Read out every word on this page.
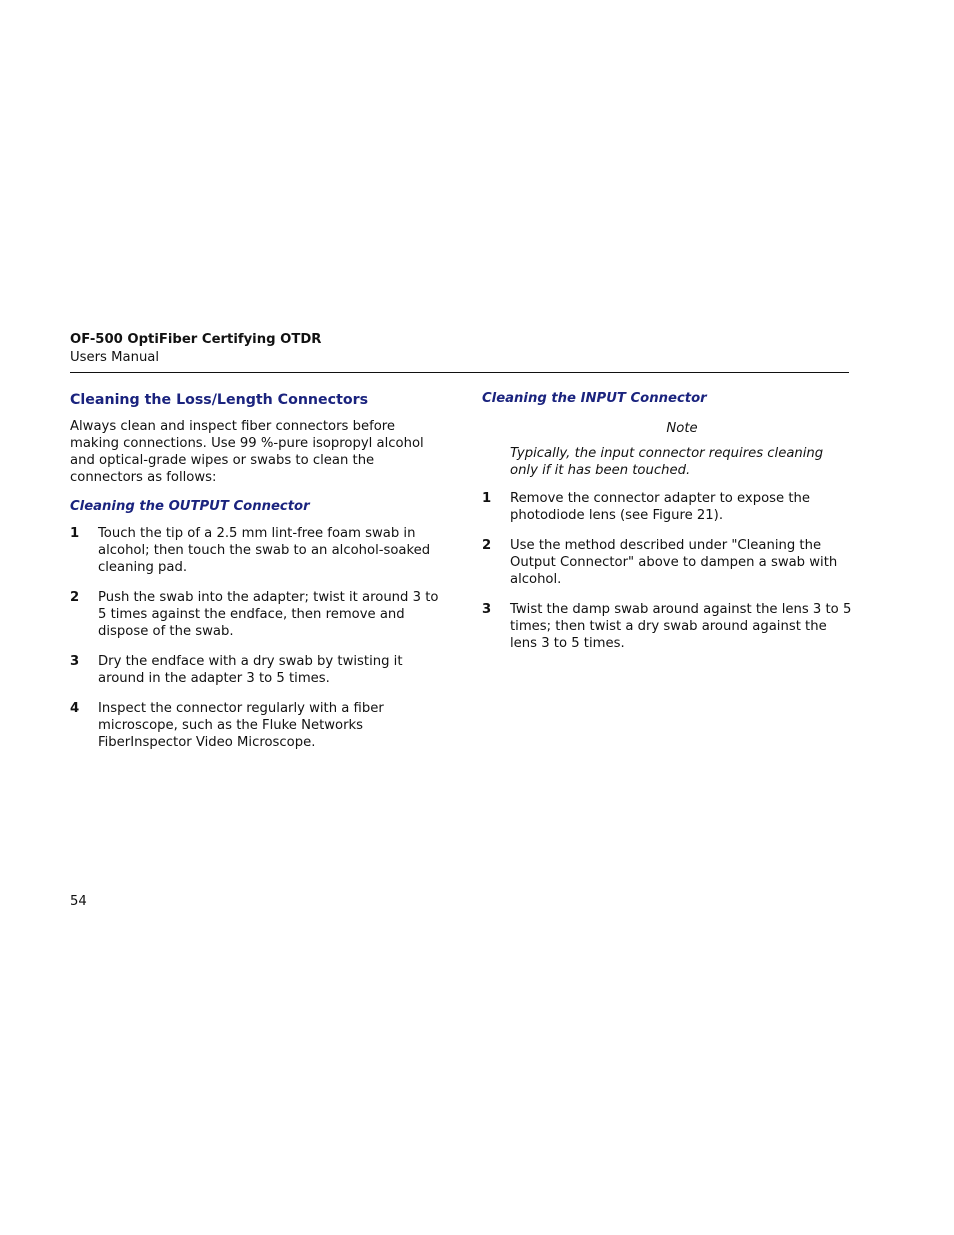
OF-500 OptiFiber Certifying OTDR
Users Manual
Cleaning the Loss/Length Connectors
Always clean and inspect fiber connectors before making connections. Use 99 %-pure isopropyl alcohol and optical-grade wipes or swabs to clean the connectors as follows:
Cleaning the OUTPUT Connector
1 Touch the tip of a 2.5 mm lint-free foam swab in alcohol; then touch the swab to an alcohol-soaked cleaning pad.
2 Push the swab into the adapter; twist it around 3 to 5 times against the endface, then remove and dispose of the swab.
3 Dry the endface with a dry swab by twisting it around in the adapter 3 to 5 times.
4 Inspect the connector regularly with a fiber microscope, such as the Fluke Networks FiberInspector Video Microscope.
Cleaning the INPUT Connector
Note
Typically, the input connector requires cleaning only if it has been touched.
1 Remove the connector adapter to expose the photodiode lens (see Figure 21).
2 Use the method described under "Cleaning the Output Connector" above to dampen a swab with alcohol.
3 Twist the damp swab around against the lens 3 to 5 times; then twist a dry swab around against the lens 3 to 5 times.
54
